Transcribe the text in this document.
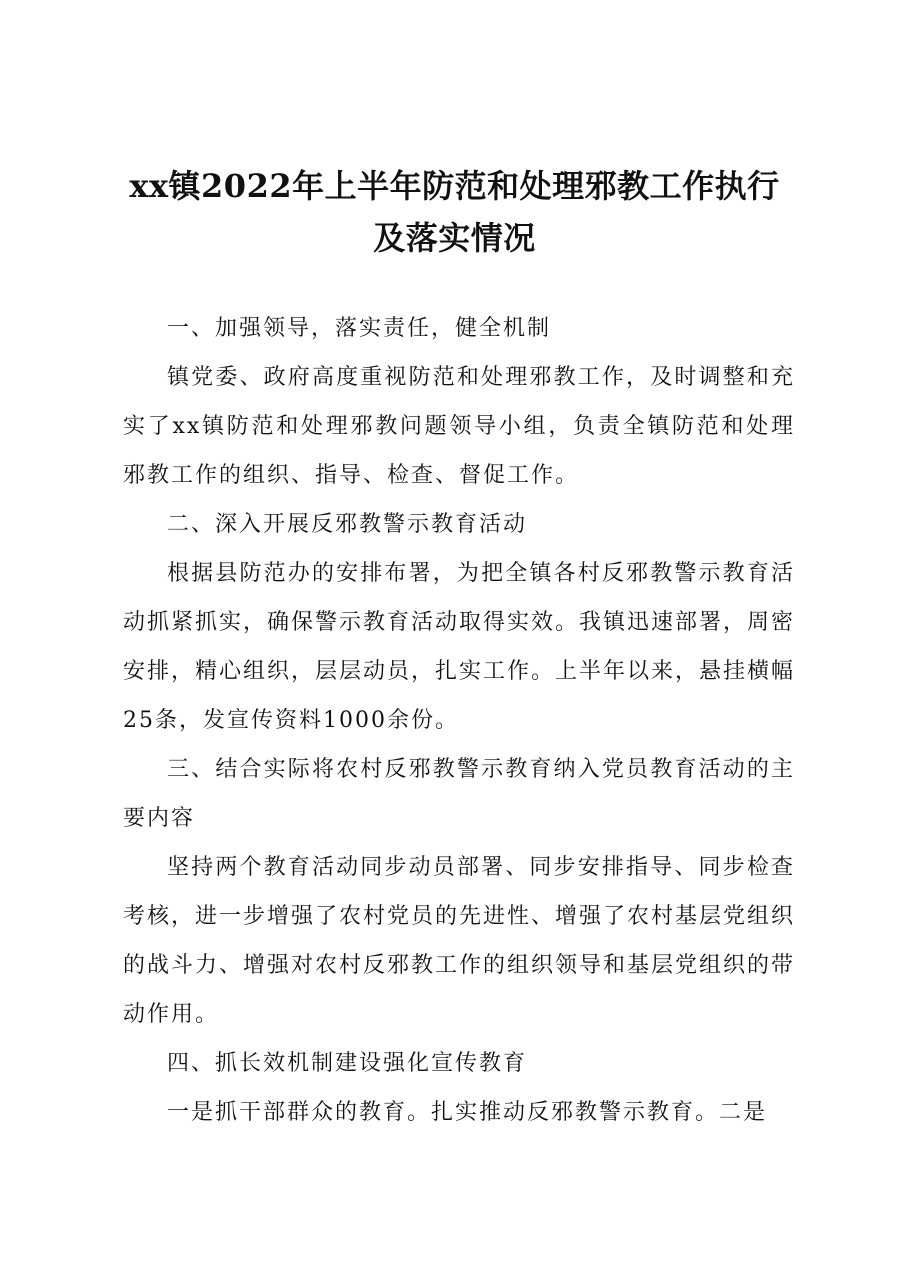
xx镇2022年上半年防范和处理邪教工作执行
及落实情况

一、加强领导，落实责任，健全机制

镇党委、政府高度重视防范和处理邪教工作，及时调整和充实了xx镇防范和处理邪教问题领导小组，负责全镇防范和处理邪教工作的组织、指导、检查、督促工作。

二、深入开展反邪教警示教育活动

根据县防范办的安排布署，为把全镇各村反邪教警示教育活动抓紧抓实，确保警示教育活动取得实效。我镇迅速部署，周密安排，精心组织，层层动员，扎实工作。上半年以来，悬挂横幅25条，发宣传资料1000余份。

三、结合实际将农村反邪教警示教育纳入党员教育活动的主要内容

坚持两个教育活动同步动员部署、同步安排指导、同步检查考核，进一步增强了农村党员的先进性、增强了农村基层党组织的战斗力、增强对农村反邪教工作的组织领导和基层党组织的带动作用。

四、抓长效机制建设强化宣传教育

一是抓干部群众的教育。扎实推动反邪教警示教育。二是
